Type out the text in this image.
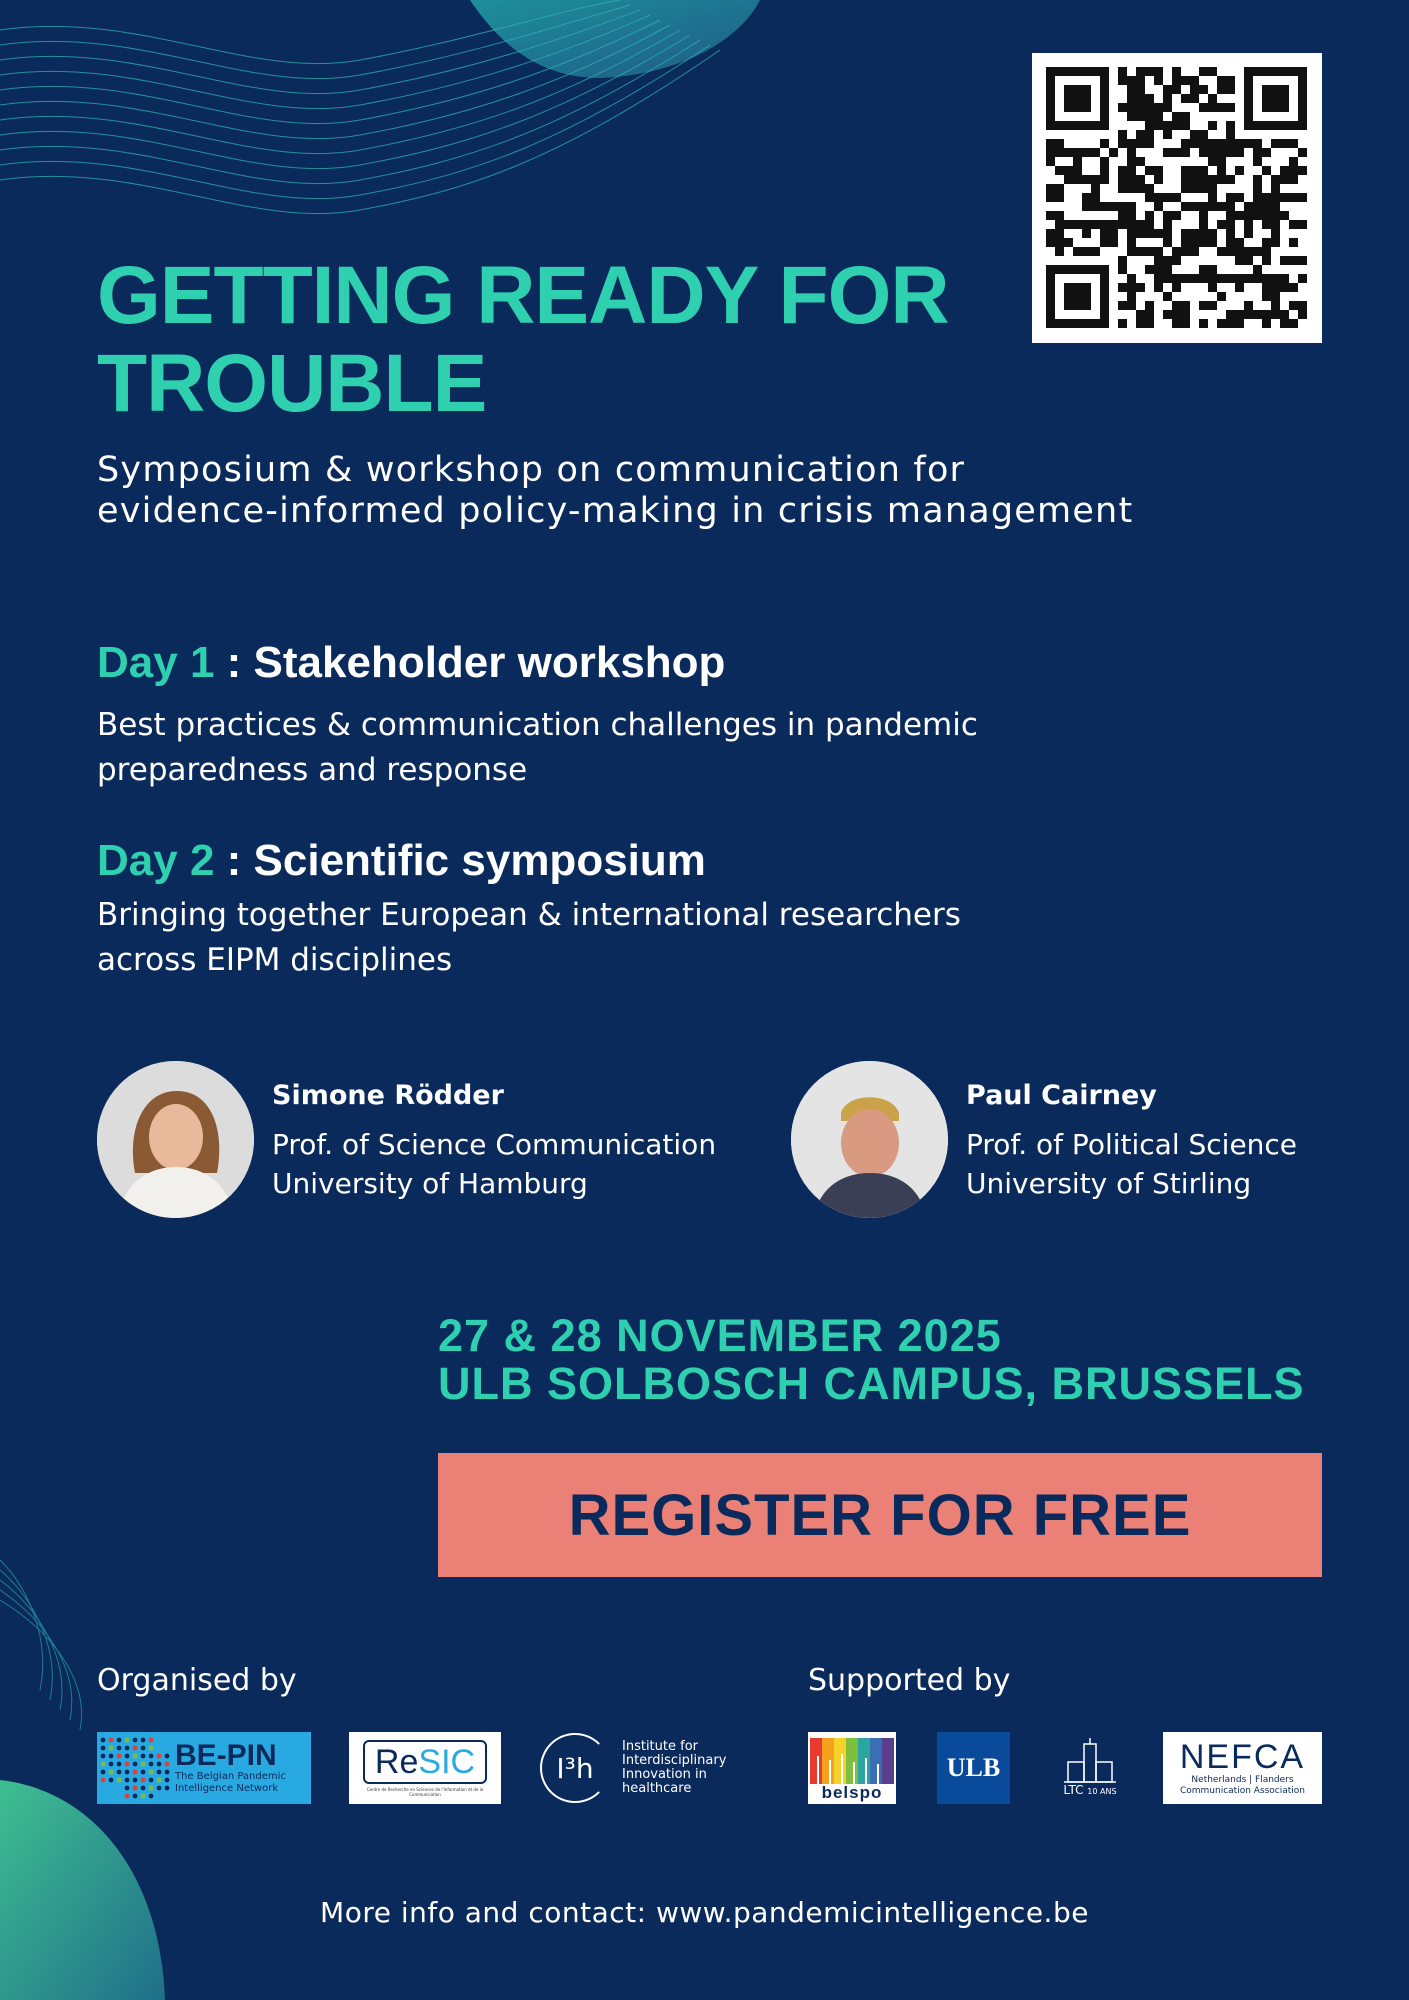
GETTING READY FOR TROUBLE
Symposium & workshop on communication for
evidence-informed policy-making in crisis management
Day 1 : Stakeholder workshop
Best practices & communication challenges in pandemic
preparedness and response
Day 2 : Scientific symposium
Bringing together European & international researchers
across EIPM disciplines
Simone Rödder
Prof. of Science Communication
University of Hamburg
Paul Cairney
Prof. of Political Science
University of Stirling
27 & 28 NOVEMBER 2025
ULB SOLBOSCH CAMPUS, BRUSSELS
REGISTER FOR FREE
Organised by
BE-PIN
The Belgian Pandemic
Intelligence Network
ReSIC
Centre de Recherche en Sciences de l'Information et de la Communication
I³h
Institute for
Interdisciplinary
Innovation in
healthcare
Supported by
belspo
ULB
LTC 10 ANS
NEFCA
Netherlands | Flanders
Communication Association
More info and contact: www.pandemicintelligence.be
